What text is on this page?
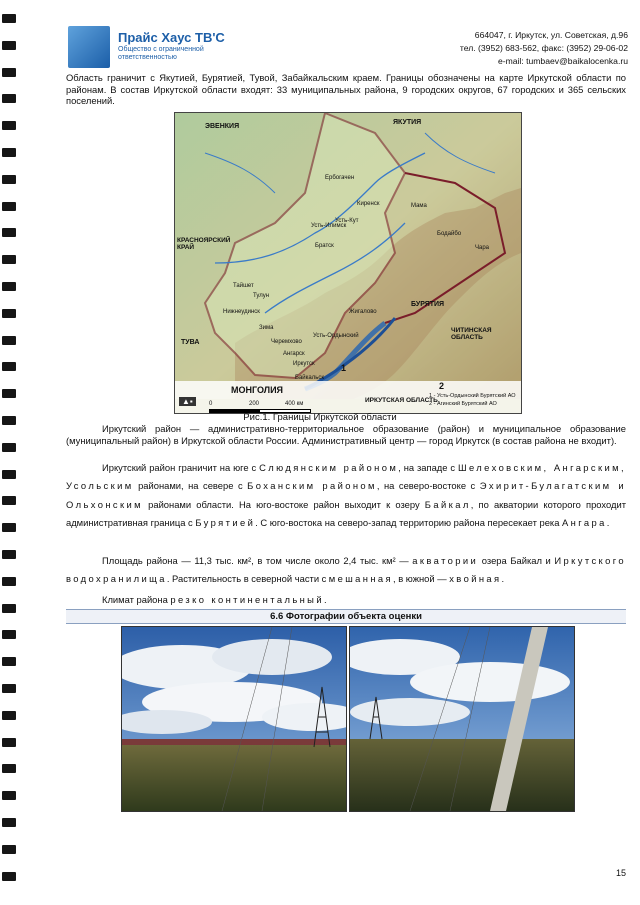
Прайс Хаус ТВ'С
Общество с ограниченной ответственностью
664047, г. Иркутск, ул. Советская, д.96
тел. (3952) 683-562, факс: (3952) 29-06-02
e-mail: tumbaev@baikalocenka.ru
Область граничит с Якутией, Бурятией, Тувой, Забайкальским краем. Границы обозначены на карте Иркутской области по районам. В состав Иркутской области входят: 33 муниципальных района, 9 городских округов, 67 городских и 365 сельских поселений.
ЭВЕНКИЯ
ЯКУТИЯ
КРАСНОЯРСКИЙ КРАЙ
БУРЯТИЯ
ЧИТИНСКАЯ ОБЛАСТЬ
ТУВА
МОНГОЛИЯ
ИРКУТСКАЯ ОБЛАСТЬ
Иркутск
Братск
Усть-Кут
Бодайбо
Тайшет
Киренск
Ербогачен
Черемхово
Ангарск
Усть-Илимск
Мама
Чара
Тулун
Нижнеудинск
Зима
Жигалово
Усть-Ордынский
Байкальск
▲▪	0	200	400 км
1 - Усть-Ордынский Бурятский АО
2 - Агинский Бурятский АО
1
2
Рис.1. Границы Иркутской области
Иркутский район — административно-территориальное образование (район) и муниципальное образование (муниципальный район) в Иркутской области России. Административный центр — город Иркутск (в состав района не входит).
Иркутский район граничит на юге с Слюдянским районом, на западе с Шелеховским, Ангарским, Усольским районами, на севере с Боханским районом, на северо-востоке с Эхирит-Булагатским и Ольхонским районами области. На юго-востоке район выходит к озеру Байкал, по акватории которого проходит административная граница с Бурятией. С юго-востока на северо-запад территорию района пересекает река Ангара.
Площадь района — 11,3 тыс. км², в том числе около 2,4 тыс. км² — акватории озера Байкал и Иркутского водохранилища. Растительность в северной части смешанная, в южной — хвойная.
Климат района резко континентальный.
6.6 Фотографии объекта оценки
15
